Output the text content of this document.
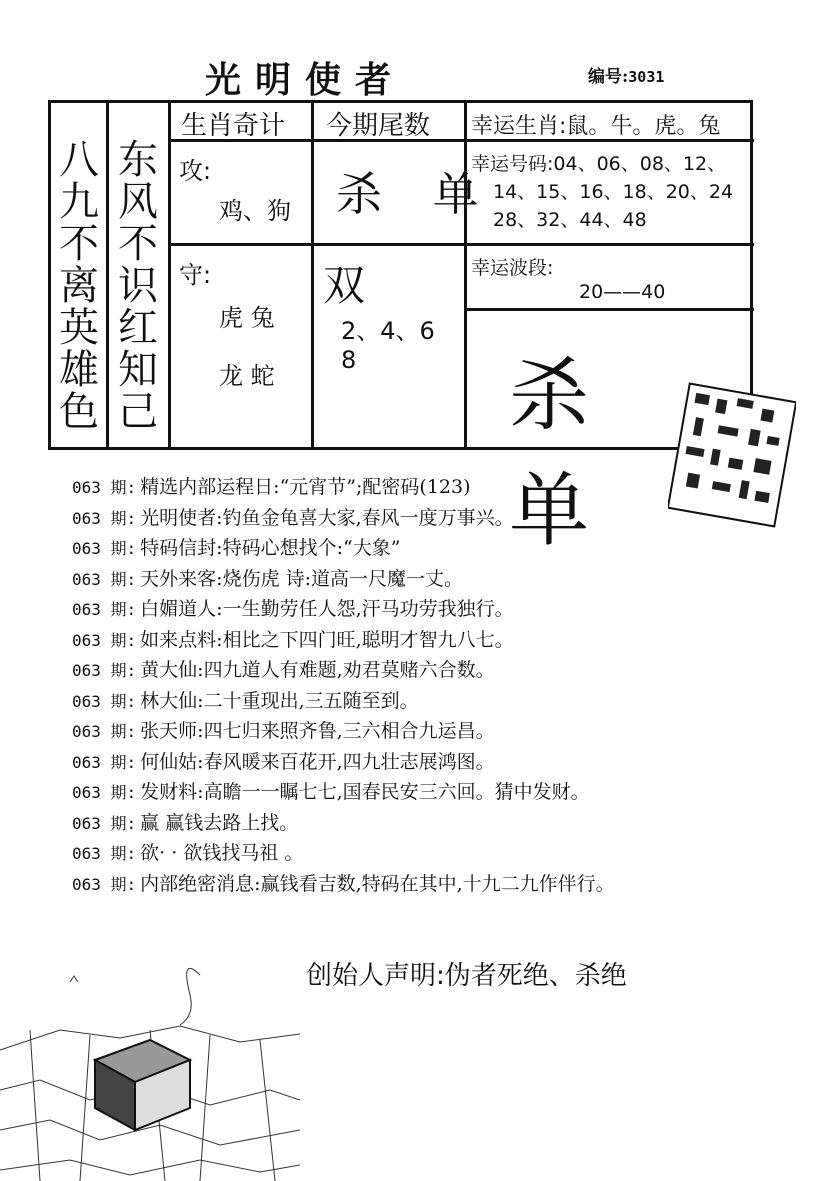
光明使者	编号:3031
八九不离英雄色
东风不识红知己
生肖奇计 今期尾数 幸运生肖:鼠。牛。虎。兔
攻:
鸡、狗 杀 单
幸运号码:04、06、08、12、
14、15、16、18、20、24
28、32、44、48
守:
虎 兔
龙 蛇
双
2、4、6
8
幸运波段:
20——40
杀 单
063 期: 精选内部运程日:“元宵节”;配密码(123)
063 期: 光明使者:钓鱼金龟喜大家,春风一度万事兴。
063 期: 特码信封:特码心想找个:“大象”
063 期: 天外来客:烧伤虎 诗:道高一尺魔一丈。
063 期: 白媚道人:一生勤劳任人怨,汗马功劳我独行。
063 期: 如来点料:相比之下四门旺,聪明才智九八七。
063 期: 黄大仙:四九道人有难题,劝君莫赌六合数。
063 期: 林大仙:二十重现出,三五随至到。
063 期: 张天师:四七归来照齐鲁,三六相合九运昌。
063 期: 何仙姑:春风暖来百花开,四九壮志展鸿图。
063 期: 发财料:高瞻一一瞩七七,国春民安三六回。猜中发财。
063 期: 赢 赢钱去路上找。
063 期: 欲· · 欲钱找马祖 。
063 期: 内部绝密消息:赢钱看吉数,特码在其中,十九二九作伴行。
创始人声明:伪者死绝、杀绝
